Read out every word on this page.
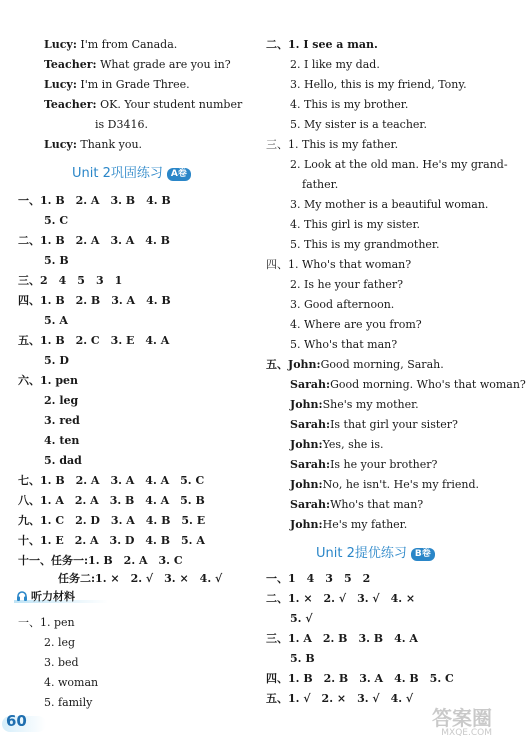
Lucy: I'm from Canada.
Teacher: What grade are you in?
Lucy: I'm in Grade Three.
Teacher: OK. Your student number
is D3416.
Lucy: Thank you.
Unit 2巩固练习 A卷
一、1. B　2. A　3. B　4. B
5. C
二、1. B　2. A　3. A　4. B
5. B
三、2　4　5　3　1
四、1. B　2. B　3. A　4. B
5. A
五、1. B　2. C　3. E　4. A
5. D
六、1. pen
2. leg
3. red
4. ten
5. dad
七、1. B　2. A　3. A　4. A　5. C
八、1. A　2. A　3. B　4. A　5. B
九、1. C　2. D　3. A　4. B　5. E
十、1. E　2. A　3. D　4. B　5. A
十一、任务一:1. B　2. A　3. C
任务二:1. ×　2. √　3. ×　4. √
听力材料
一、1. pen
2. leg
3. bed
4. woman
5. family
二、1. I see a man.
2. I like my dad.
3. Hello, this is my friend, Tony.
4. This is my brother.
5. My sister is a teacher.
三、1. This is my father.
2. Look at the old man. He's my grand-
father.
3. My mother is a beautiful woman.
4. This girl is my sister.
5. This is my grandmother.
四、1. Who's that woman?
2. Is he your father?
3. Good afternoon.
4. Where are you from?
5. Who's that man?
五、John:Good morning, Sarah.
Sarah:Good morning. Who's that woman?
John:She's my mother.
Sarah:Is that girl your sister?
John:Yes, she is.
Sarah:Is he your brother?
John:No, he isn't. He's my friend.
Sarah:Who's that man?
John:He's my father.
Unit 2提优练习 B卷
一、1　4　3　5　2
二、1. ×　2. √　3. √　4. ×
5. √
三、1. A　2. B　3. B　4. A
5. B
四、1. B　2. B　3. A　4. B　5. C
五、1. √　2. ×　3. √　4. √
60	答案圈
MXQE.COM
